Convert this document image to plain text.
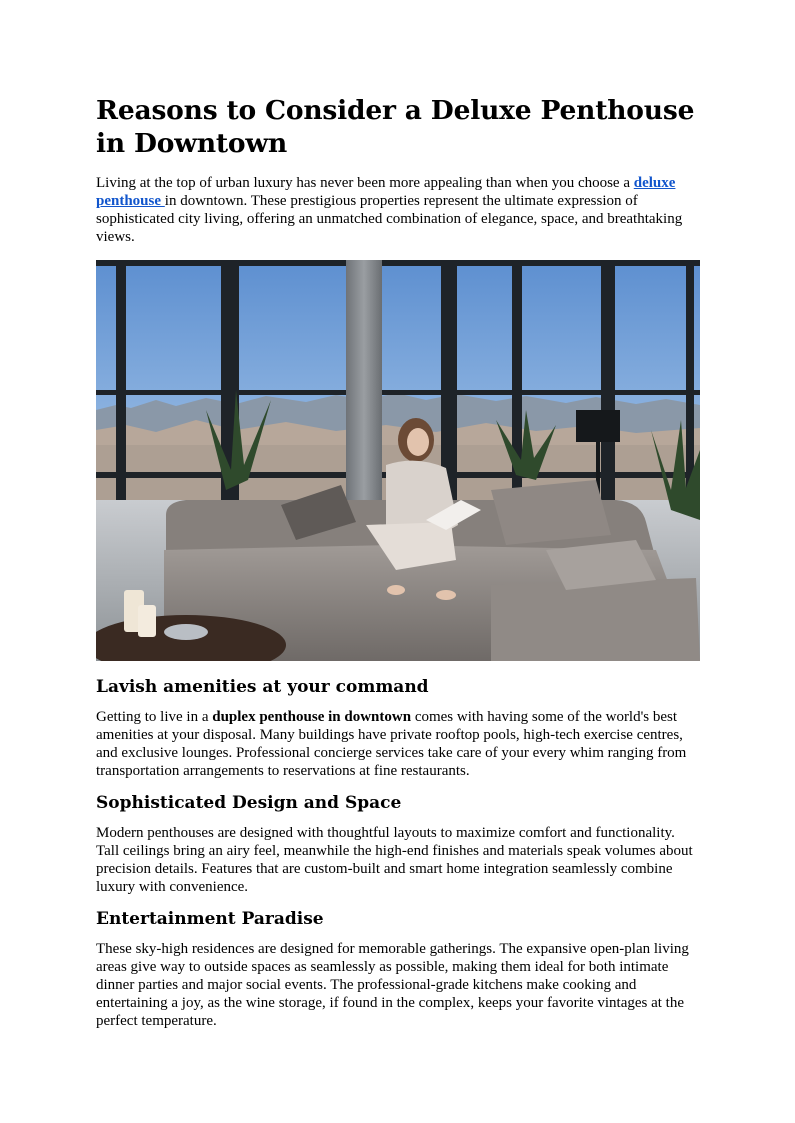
Reasons to Consider a Deluxe Penthouse in Downtown

Living at the top of urban luxury has never been more appealing than when you choose a deluxe penthouse in downtown. These prestigious properties represent the ultimate expression of sophisticated city living, offering an unmatched combination of elegance, space, and breathtaking views.

Lavish amenities at your command

Getting to live in a duplex penthouse in downtown comes with having some of the world's best amenities at your disposal. Many buildings have private rooftop pools, high-tech exercise centres, and exclusive lounges. Professional concierge services take care of your every whim ranging from transportation arrangements to reservations at fine restaurants.

Sophisticated Design and Space

Modern penthouses are designed with thoughtful layouts to maximize comfort and functionality. Tall ceilings bring an airy feel, meanwhile the high-end finishes and materials speak volumes about precision details. Features that are custom-built and smart home integration seamlessly combine luxury with convenience.

Entertainment Paradise

These sky-high residences are designed for memorable gatherings. The expansive open-plan living areas give way to outside spaces as seamlessly as possible, making them ideal for both intimate dinner parties and major social events. The professional-grade kitchens make cooking and entertaining a joy, as the wine storage, if found in the complex, keeps your favorite vintages at the perfect temperature.
